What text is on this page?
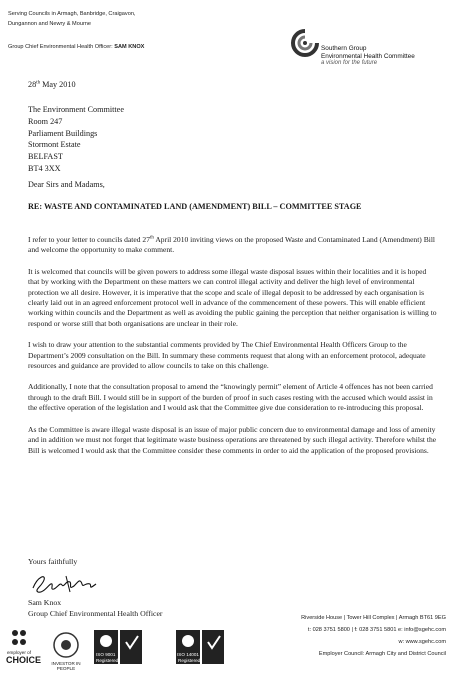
Serving Councils in Armagh, Banbridge, Craigavon,
Dungannon and Newry & Mourne
Group Chief Environmental Health Officer: SAM KNOX	Southern Group
Environmental Health Committee
a vision for the future
28th May 2010
The Environment Committee
Room 247
Parliament Buildings
Stormont Estate
BELFAST
BT4 3XX
Dear Sirs and Madams,
RE: WASTE AND CONTAMINATED LAND (AMENDMENT) BILL – COMMITTEE STAGE

I refer to your letter to councils dated 27th April 2010 inviting views on the proposed Waste and Contaminated Land (Amendment) Bill and welcome the opportunity to make comment.

It is welcomed that councils will be given powers to address some illegal waste disposal issues within their localities and it is hoped that by working with the Department on these matters we can control illegal activity and deliver the high level of environmental protection we all desire. However, it is imperative that the scope and scale of illegal deposit to be addressed by each organisation is clearly laid out in an agreed enforcement protocol well in advance of the commencement of these powers. This will enable efficient working within councils and the Department as well as avoiding the public gaining the perception that neither organisation is willing to respond or worse still that both organisations are unclear in their role.

I wish to draw your attention to the substantial comments provided by The Chief Environmental Health Officers Group to the Department’s 2009 consultation on the Bill. In summary these comments request that along with an enforcement protocol, adequate resources and guidance are provided to allow councils to take on this challenge.

Additionally, I note that the consultation proposal to amend the “knowingly permit” element of Article 4 offences has not been carried through to the draft Bill. I would still be in support of the burden of proof in such cases resting with the accused which would assist in the effective operation of the legislation and I would ask that the Committee give due consideration to re-introducing this proposal.

As the Committee is aware illegal waste disposal is an issue of major public concern due to environmental damage and loss of amenity and in addition we must not forget that legitimate waste business operations are threatened by such illegal activity. Therefore whilst the Bill is welcomed I would ask that the Committee consider these comments in order to aid the application of the proposed provisions.

Yours faithfully
Sam Knox
Group Chief Environmental Health Officer	Riverside House | Tower Hill Complex | Armagh BT61 9EG
t: 028 3751 5800 | f: 028 3751 5801 e: info@sgehc.com
w: www.sgehc.com
Employer Council: Armagh City and District Council
employer of
CHOICE	INVESTOR IN PEOPLE
ISO 9001
Registered
ISO 14001
Registered
